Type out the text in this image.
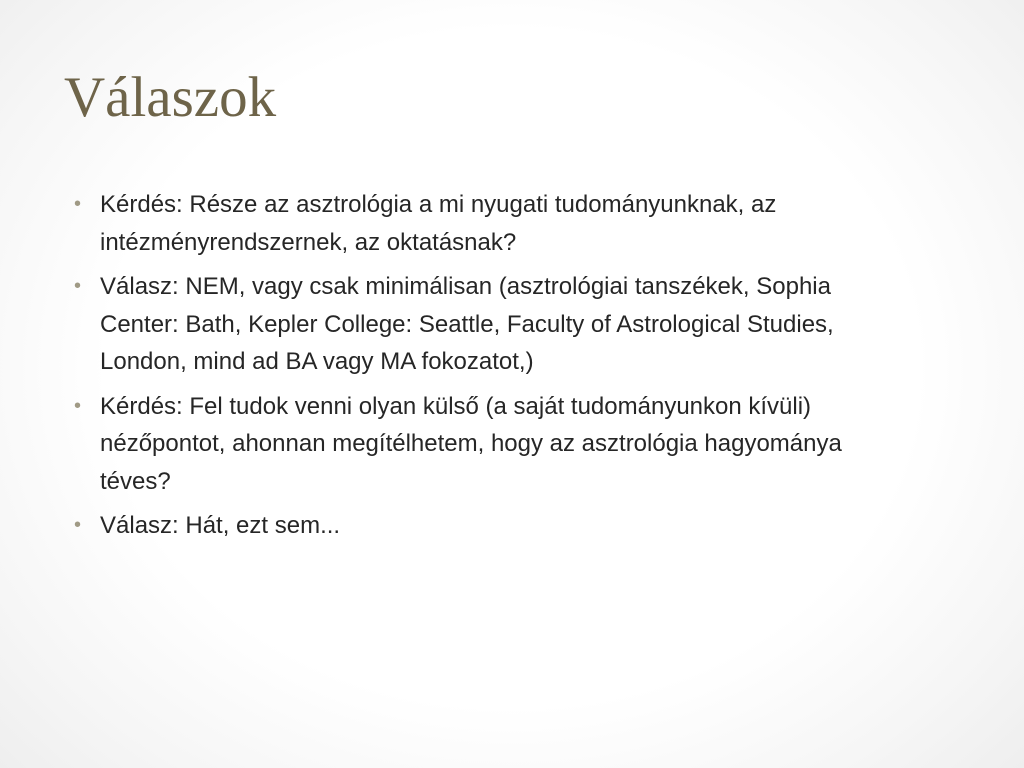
Válaszok
• Kérdés: Része az asztrológia a mi nyugati tudományunknak, az intézményrendszernek, az oktatásnak?
• Válasz: NEM, vagy csak minimálisan (asztrológiai tanszékek, Sophia Center: Bath, Kepler College: Seattle, Faculty of Astrological Studies, London, mind ad BA vagy MA fokozatot,)
• Kérdés: Fel tudok venni olyan külső (a saját tudományunkon kívüli) nézőpontot, ahonnan megítélhetem, hogy az asztrológia hagyománya téves?
• Válasz: Hát, ezt sem...
